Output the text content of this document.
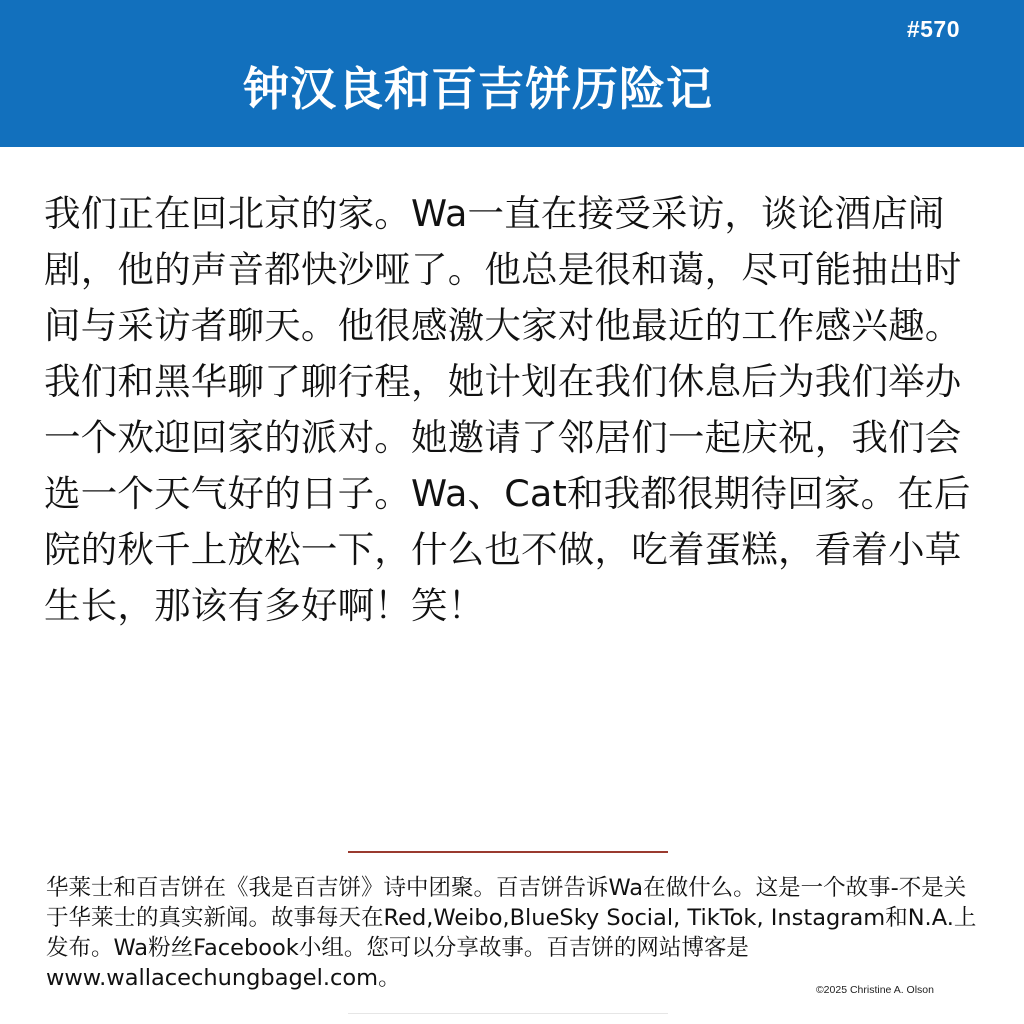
#570
钟汉良和百吉饼历险记

我们正在回北京的家。Wa一直在接受采访，谈论酒店闹剧，他的声音都快沙哑了。他总是很和蔼，尽可能抽出时间与采访者聊天。他很感激大家对他最近的工作感兴趣。我们和黑华聊了聊行程，她计划在我们休息后为我们举办一个欢迎回家的派对。她邀请了邻居们一起庆祝，我们会选一个天气好的日子。Wa、Cat和我都很期待回家。在后院的秋千上放松一下，什么也不做，吃着蛋糕，看着小草生长，那该有多好啊！笑！

华莱士和百吉饼在《我是百吉饼》诗中团聚。百吉饼告诉Wa在做什么。这是一个故事-不是关于华莱士的真实新闻。故事每天在Red,Weibo,BlueSky Social, TikTok, Instagram和N.A.上发布。Wa粉丝Facebook小组。您可以分享故事。百吉饼的网站博客是www.wallacechungbagel.com。	©2025 Christine A. Olson
